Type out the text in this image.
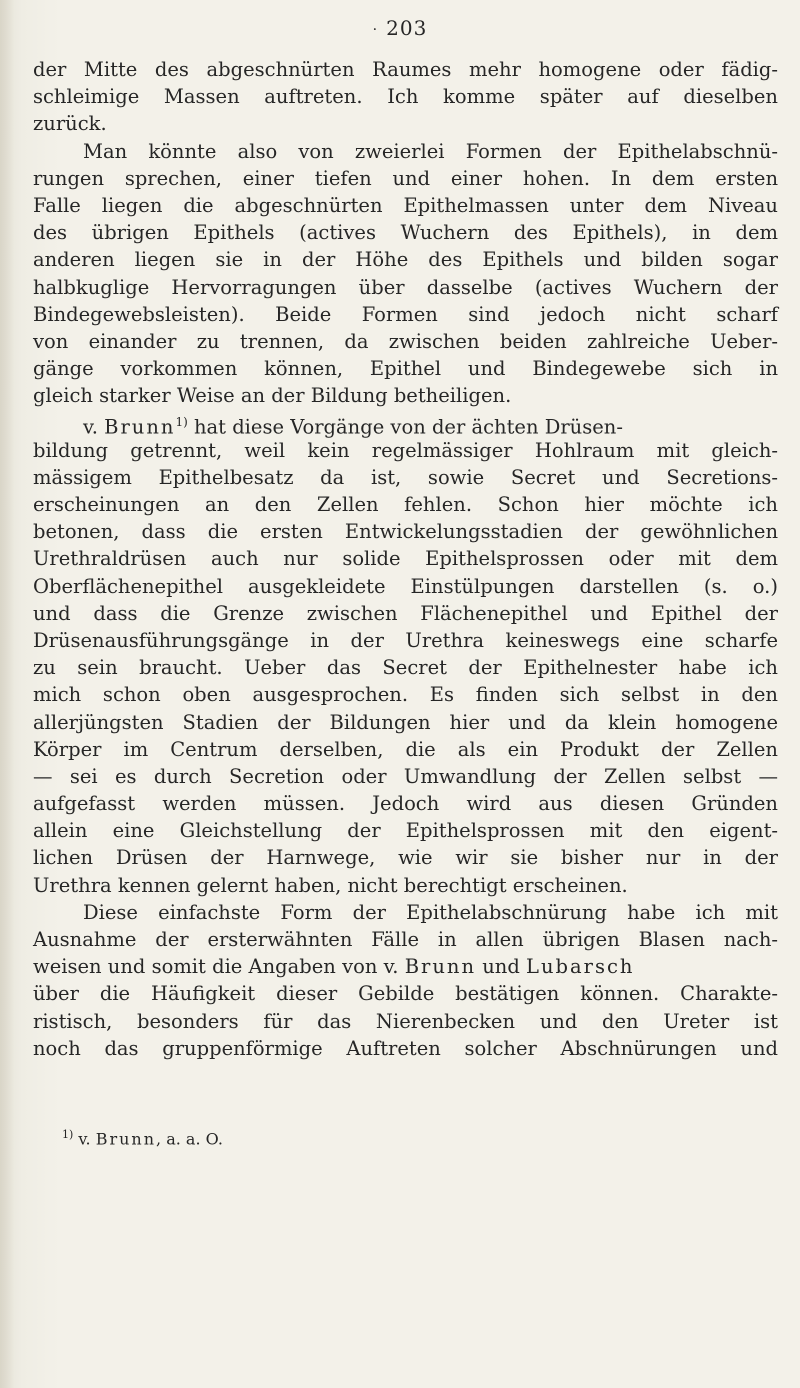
· 203
der Mitte des abgeschnürten Raumes mehr homogene oder fädig-
schleimige Massen auftreten. Ich komme später auf dieselben
zurück.
Man könnte also von zweierlei Formen der Epithelabschnü-
rungen sprechen, einer tiefen und einer hohen. In dem ersten
Falle liegen die abgeschnürten Epithelmassen unter dem Niveau
des übrigen Epithels (actives Wuchern des Epithels), in dem
anderen liegen sie in der Höhe des Epithels und bilden sogar
halbkuglige Hervorragungen über dasselbe (actives Wuchern der
Bindegewebsleisten). Beide Formen sind jedoch nicht scharf
von einander zu trennen, da zwischen beiden zahlreiche Ueber-
gänge vorkommen können, Epithel und Bindegewebe sich in
gleich starker Weise an der Bildung betheiligen.
v. Brunn$^{1)}$ hat diese Vorgänge von der ächten Drüsen-
bildung getrennt, weil kein regelmässiger Hohlraum mit gleich-
mässigem Epithelbesatz da ist, sowie Secret und Secretions-
erscheinungen an den Zellen fehlen. Schon hier möchte ich
betonen, dass die ersten Entwickelungsstadien der gewöhnlichen
Urethraldrüsen auch nur solide Epithelsprossen oder mit dem
Oberflächenepithel ausgekleidete Einstülpungen darstellen (s. o.)
und dass die Grenze zwischen Flächenepithel und Epithel der
Drüsenausführungsgänge in der Urethra keineswegs eine scharfe
zu sein braucht. Ueber das Secret der Epithelnester habe ich
mich schon oben ausgesprochen. Es finden sich selbst in den
allerjüngsten Stadien der Bildungen hier und da klein homogene
Körper im Centrum derselben, die als ein Produkt der Zellen
— sei es durch Secretion oder Umwandlung der Zellen selbst —
aufgefasst werden müssen. Jedoch wird aus diesen Gründen
allein eine Gleichstellung der Epithelsprossen mit den eigent-
lichen Drüsen der Harnwege, wie wir sie bisher nur in der
Urethra kennen gelernt haben, nicht berechtigt erscheinen.
Diese einfachste Form der Epithelabschnürung habe ich mit
Ausnahme der ersterwähnten Fälle in allen übrigen Blasen nach-
weisen und somit die Angaben von v. Brunn und Lubarsch
über die Häufigkeit dieser Gebilde bestätigen können. Charakte-
ristisch, besonders für das Nierenbecken und den Ureter ist
noch das gruppenförmige Auftreten solcher Abschnürungen und
$^{1)}$ v. Brunn, a. a. O.
